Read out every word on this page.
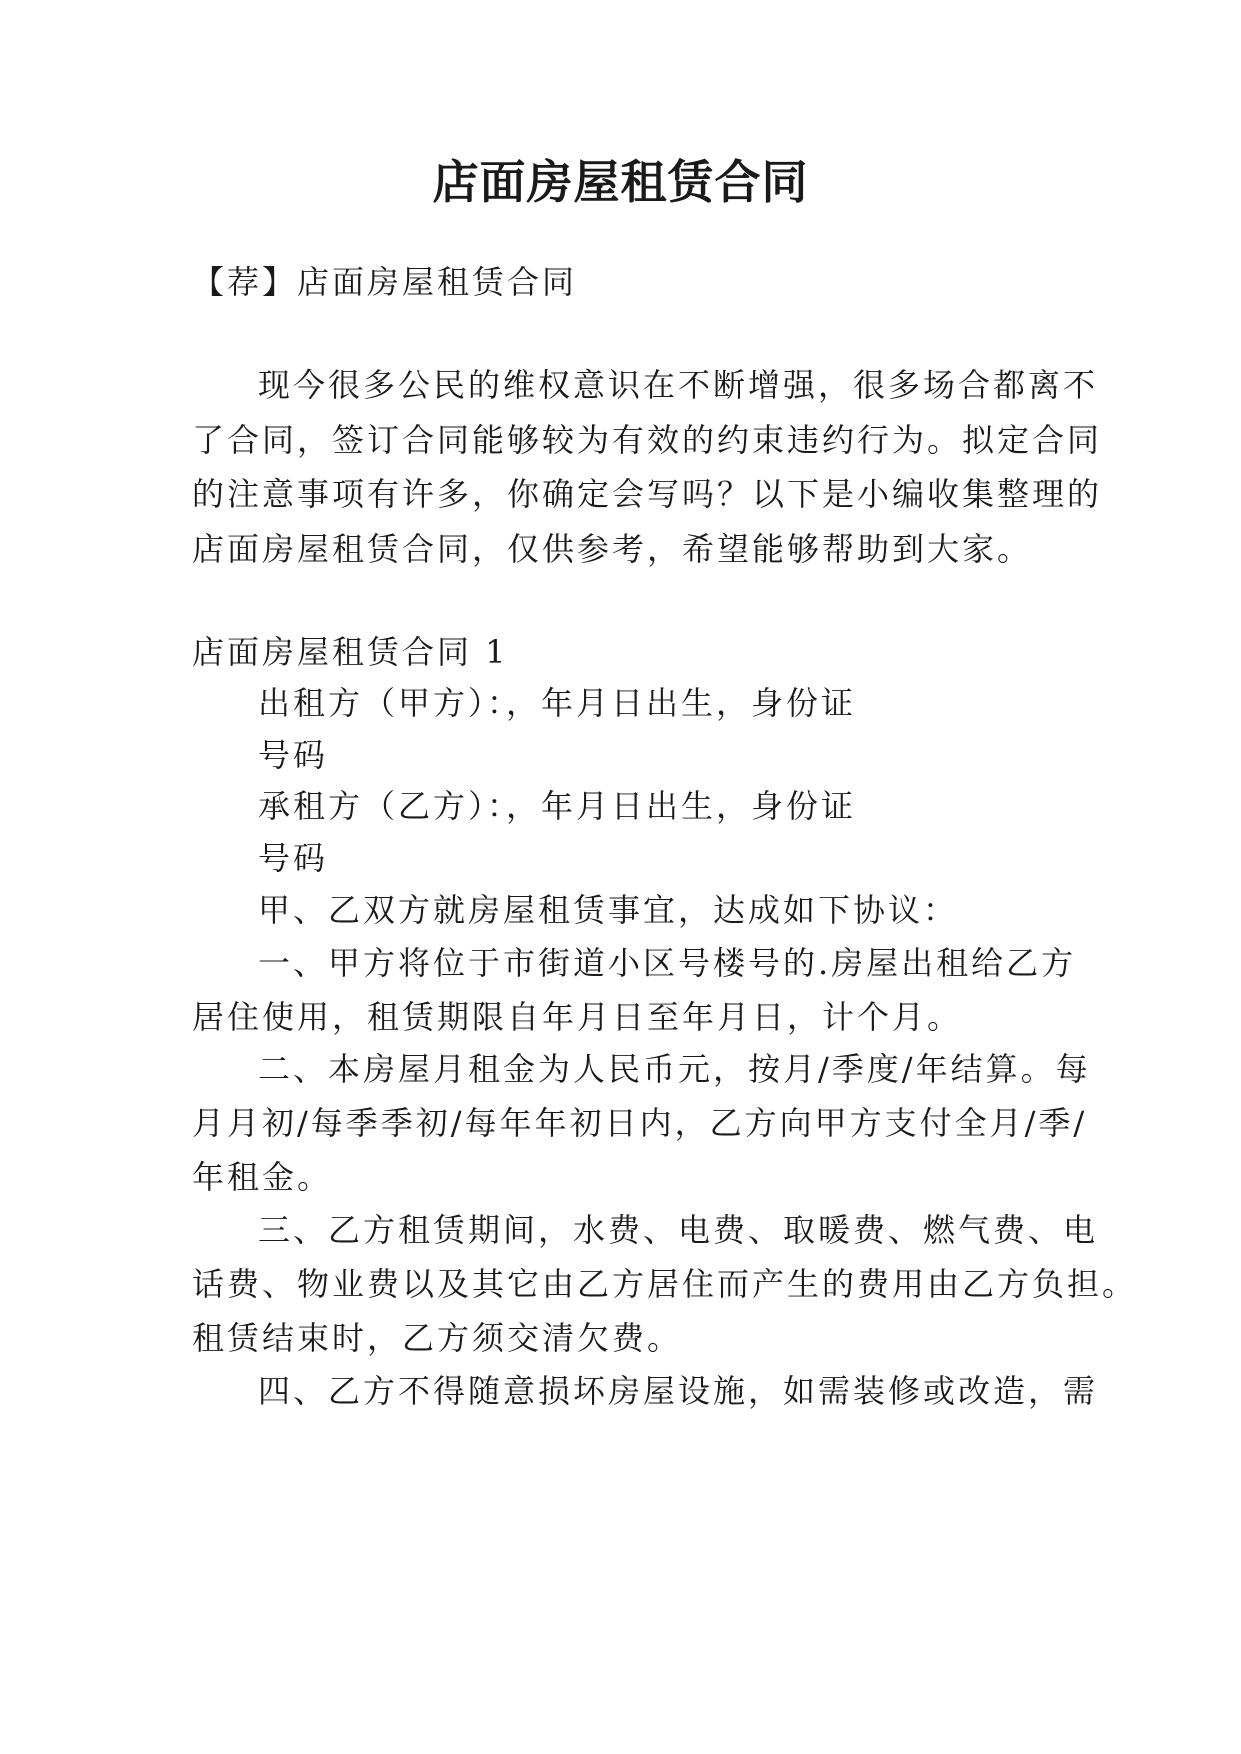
店面房屋租赁合同
【荐】店面房屋租赁合同
现今很多公民的维权意识在不断增强，很多场合都离不
了合同，签订合同能够较为有效的约束违约行为。拟定合同
的注意事项有许多，你确定会写吗？以下是小编收集整理的
店面房屋租赁合同，仅供参考，希望能够帮助到大家。
店面房屋租赁合同 1
出租方（甲方）：，年月日出生，身份证
号码
承租方（乙方）：，年月日出生，身份证
号码
甲、乙双方就房屋租赁事宜，达成如下协议：
一、甲方将位于市街道小区号楼号的.房屋出租给乙方
居住使用，租赁期限自年月日至年月日，计个月。
二、本房屋月租金为人民币元，按月/季度/年结算。每
月月初/每季季初/每年年初日内，乙方向甲方支付全月/季/
年租金。
三、乙方租赁期间，水费、电费、取暖费、燃气费、电
话费、物业费以及其它由乙方居住而产生的费用由乙方负担。
租赁结束时，乙方须交清欠费。
四、乙方不得随意损坏房屋设施，如需装修或改造，需
